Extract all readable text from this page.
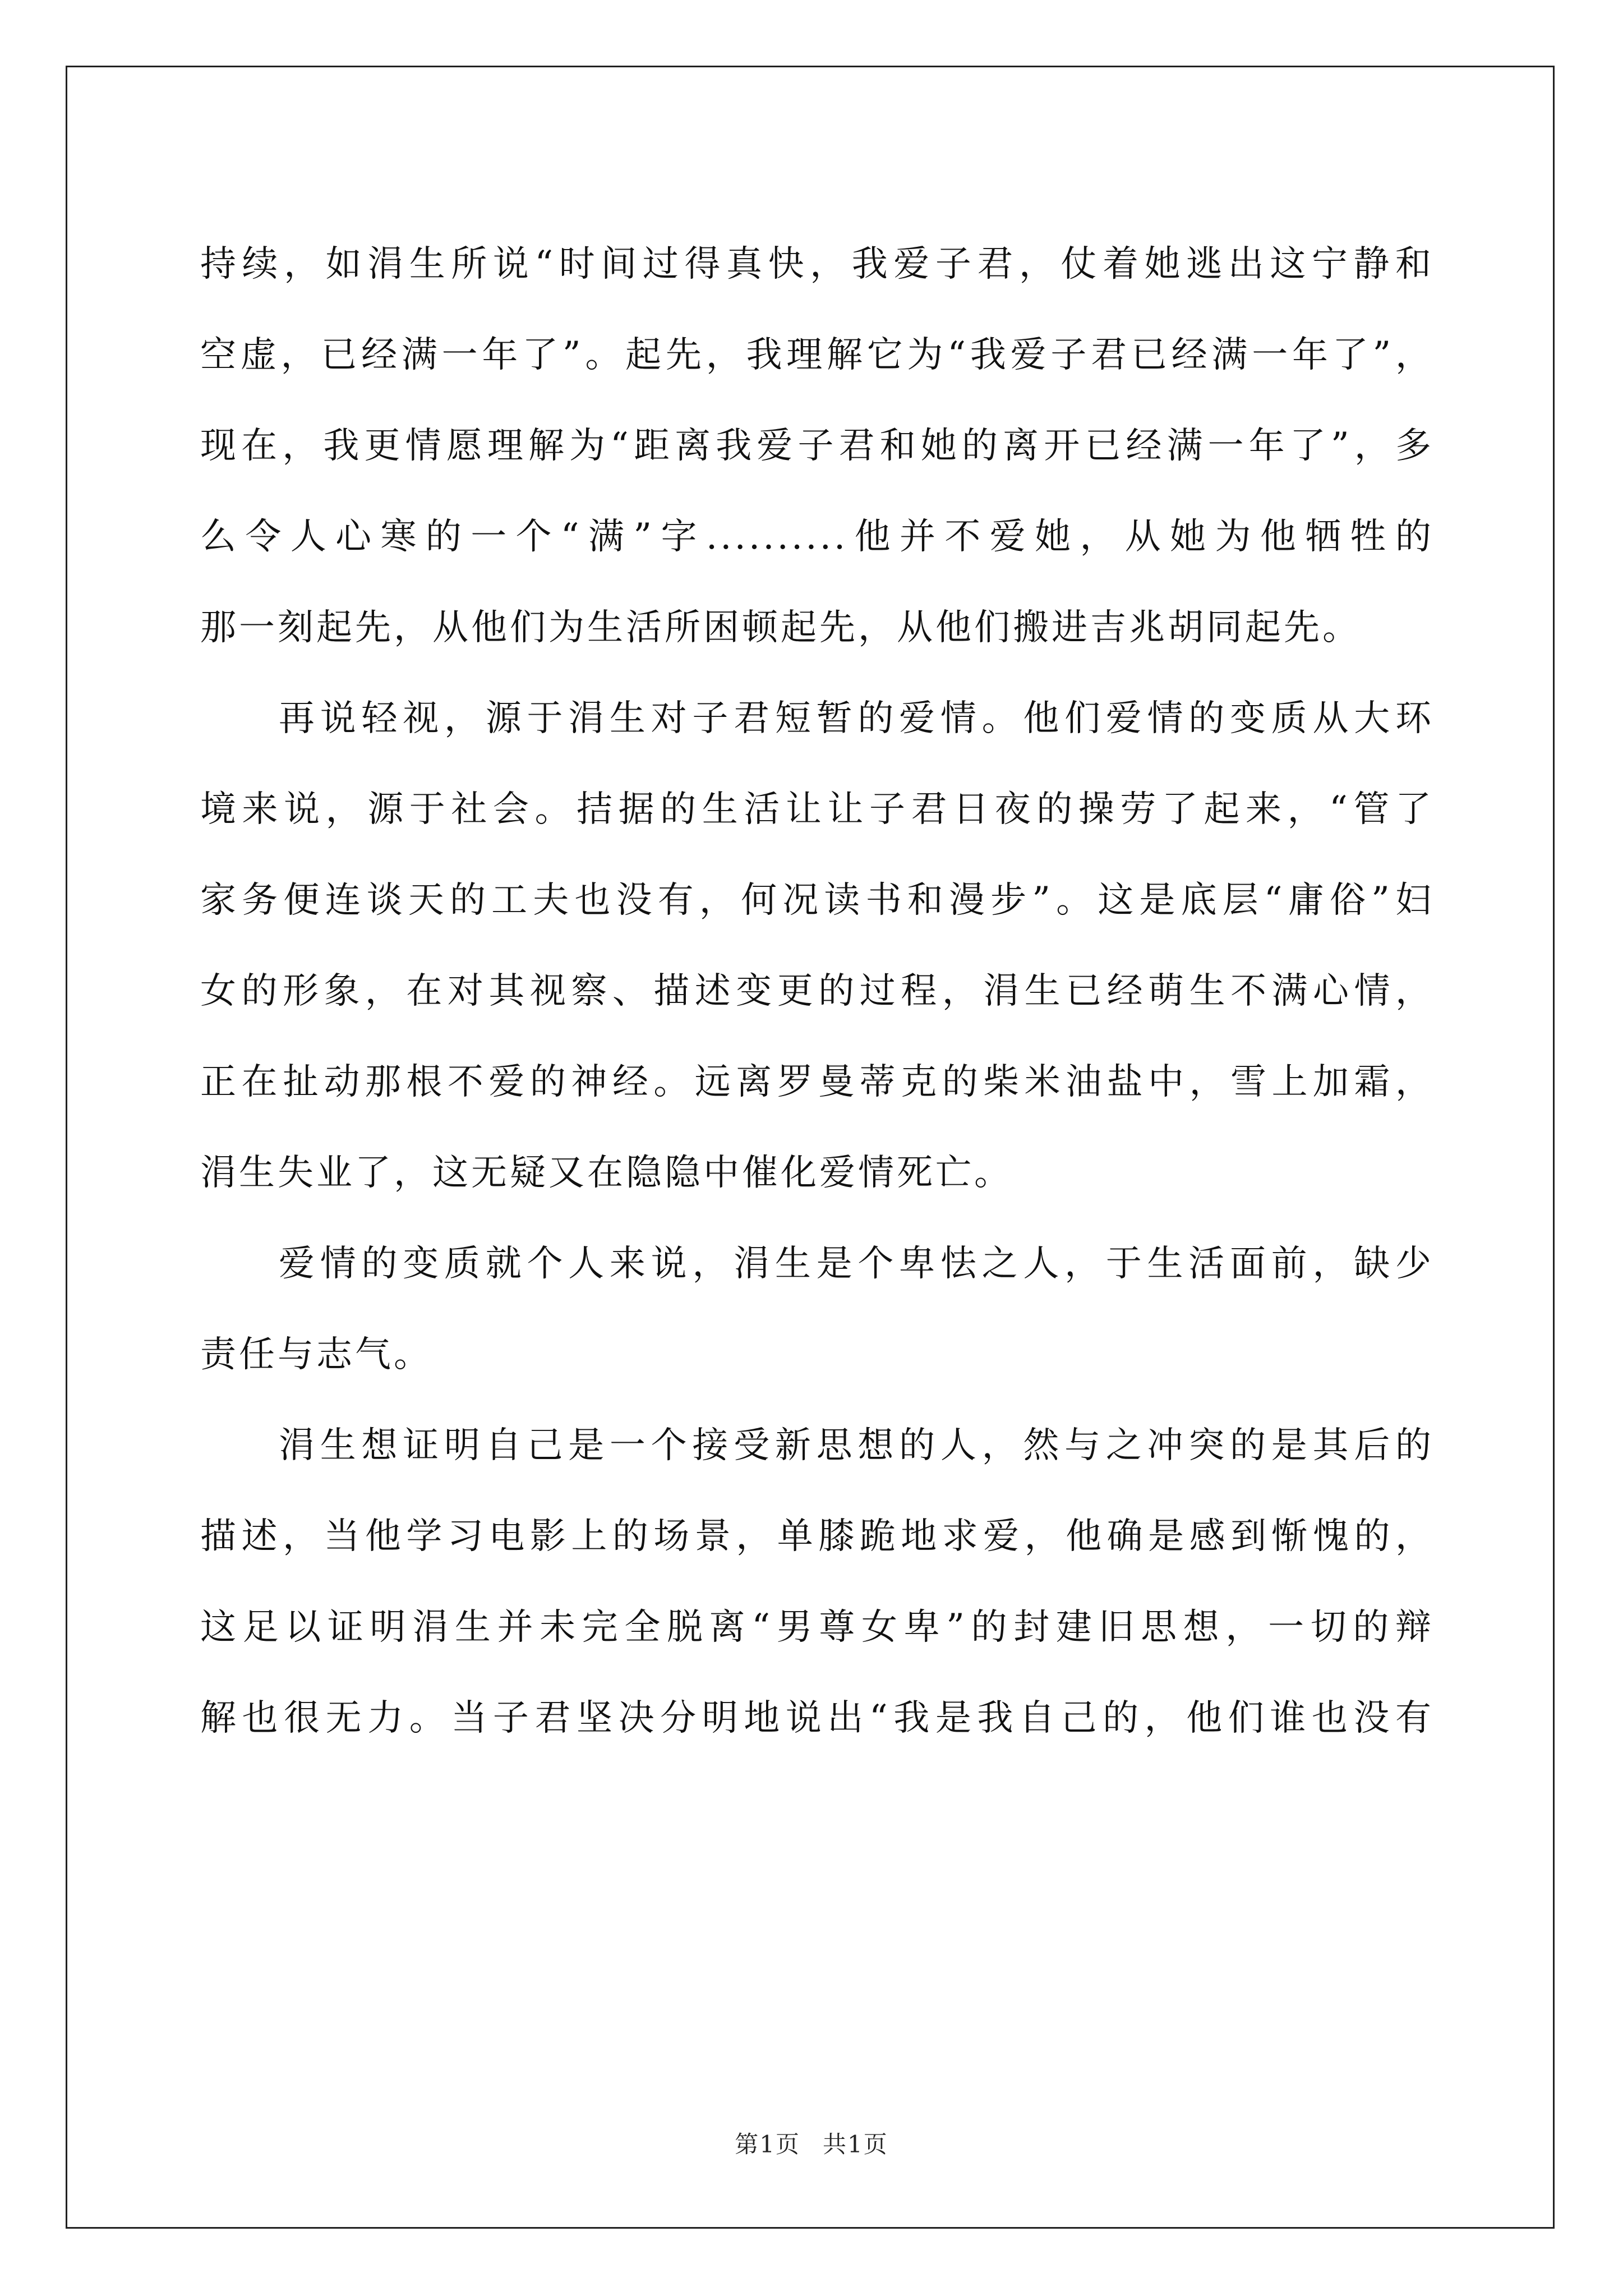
持续，如涓生所说“时间过得真快，我爱子君，仗着她逃出这宁静和
空虚，已经满一年了”。起先，我理解它为“我爱子君已经满一年了”，
现在，我更情愿理解为“距离我爱子君和她的离开已经满一年了”，多
么令人心寒的一个“满”字..........他并不爱她，从她为他牺牲的
那一刻起先，从他们为生活所困顿起先，从他们搬进吉兆胡同起先。
再说轻视，源于涓生对子君短暂的爱情。他们爱情的变质从大环
境来说，源于社会。拮据的生活让让子君日夜的操劳了起来，“管了
家务便连谈天的工夫也没有，何况读书和漫步”。这是底层“庸俗”妇
女的形象，在对其视察、描述变更的过程，涓生已经萌生不满心情，
正在扯动那根不爱的神经。远离罗曼蒂克的柴米油盐中，雪上加霜，
涓生失业了，这无疑又在隐隐中催化爱情死亡。
爱情的变质就个人来说，涓生是个卑怯之人，于生活面前，缺少
责任与志气。
涓生想证明自己是一个接受新思想的人，然与之冲突的是其后的
描述，当他学习电影上的场景，单膝跪地求爱，他确是感到惭愧的，
这足以证明涓生并未完全脱离“男尊女卑”的封建旧思想，一切的辩
解也很无力。当子君坚决分明地说出“我是我自己的，他们谁也没有
第1页 共1页
